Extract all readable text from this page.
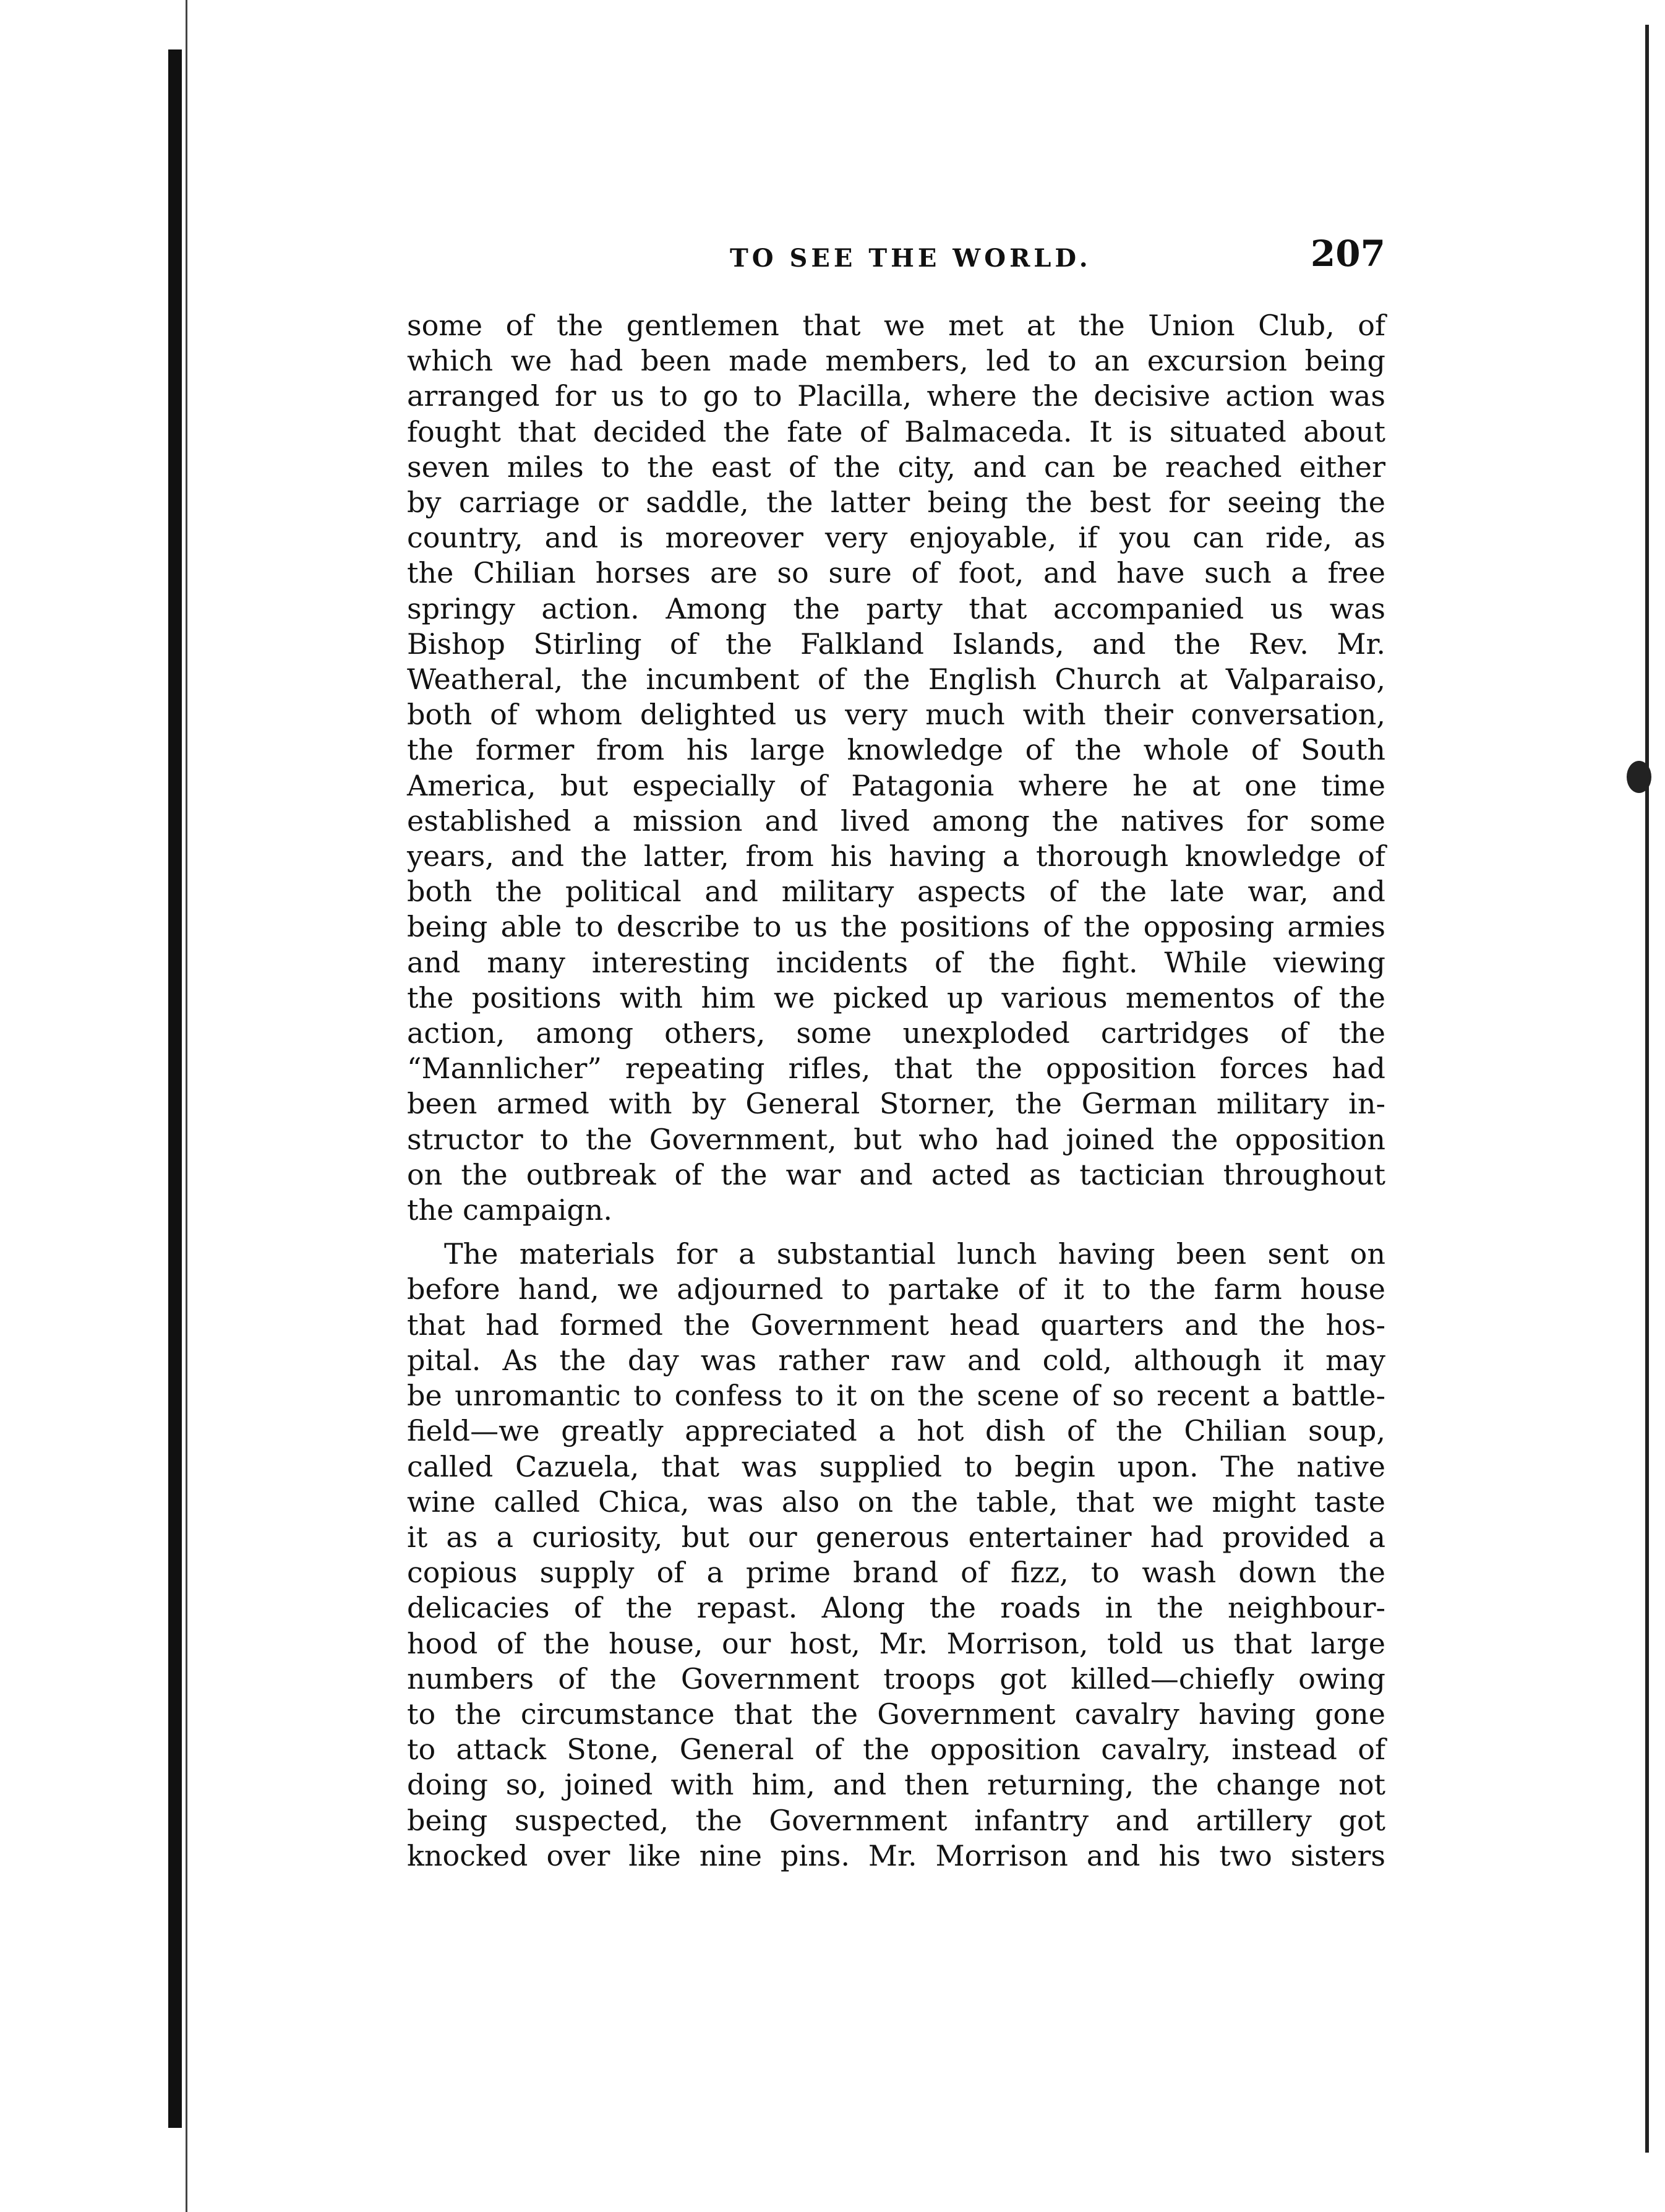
TO SEE THE WORLD.	207
some of the gentlemen that we met at the Union Club, of
which we had been made members, led to an excursion being
arranged for us to go to Placilla, where the decisive action was
fought that decided the fate of Balmaceda. It is situated about
seven miles to the east of the city, and can be reached either
by carriage or saddle, the latter being the best for seeing the
country, and is moreover very enjoyable, if you can ride, as
the Chilian horses are so sure of foot, and have such a free
springy action. Among the party that accompanied us was
Bishop Stirling of the Falkland Islands, and the Rev. Mr.
Weatheral, the incumbent of the English Church at Valparaiso,
both of whom delighted us very much with their conversation,
the former from his large knowledge of the whole of South
America, but especially of Patagonia where he at one time
established a mission and lived among the natives for some
years, and the latter, from his having a thorough knowledge of
both the political and military aspects of the late war, and
being able to describe to us the positions of the opposing armies
and many interesting incidents of the fight. While viewing
the positions with him we picked up various mementos of the
action, among others, some unexploded cartridges of the
“Mannlicher” repeating rifles, that the opposition forces had
been armed with by General Storner, the German military in-
structor to the Government, but who had joined the opposition
on the outbreak of the war and acted as tactician throughout
the campaign.
The materials for a substantial lunch having been sent on
before hand, we adjourned to partake of it to the farm house
that had formed the Government head quarters and the hos-
pital. As the day was rather raw and cold, although it may
be unromantic to confess to it on the scene of so recent a battle-
field—we greatly appreciated a hot dish of the Chilian soup,
called Cazuela, that was supplied to begin upon. The native
wine called Chica, was also on the table, that we might taste
it as a curiosity, but our generous entertainer had provided a
copious supply of a prime brand of fizz, to wash down the
delicacies of the repast. Along the roads in the neighbour-
hood of the house, our host, Mr. Morrison, told us that large
numbers of the Government troops got killed—chiefly owing
to the circumstance that the Government cavalry having gone
to attack Stone, General of the opposition cavalry, instead of
doing so, joined with him, and then returning, the change not
being suspected, the Government infantry and artillery got
knocked over like nine pins. Mr. Morrison and his two sisters
